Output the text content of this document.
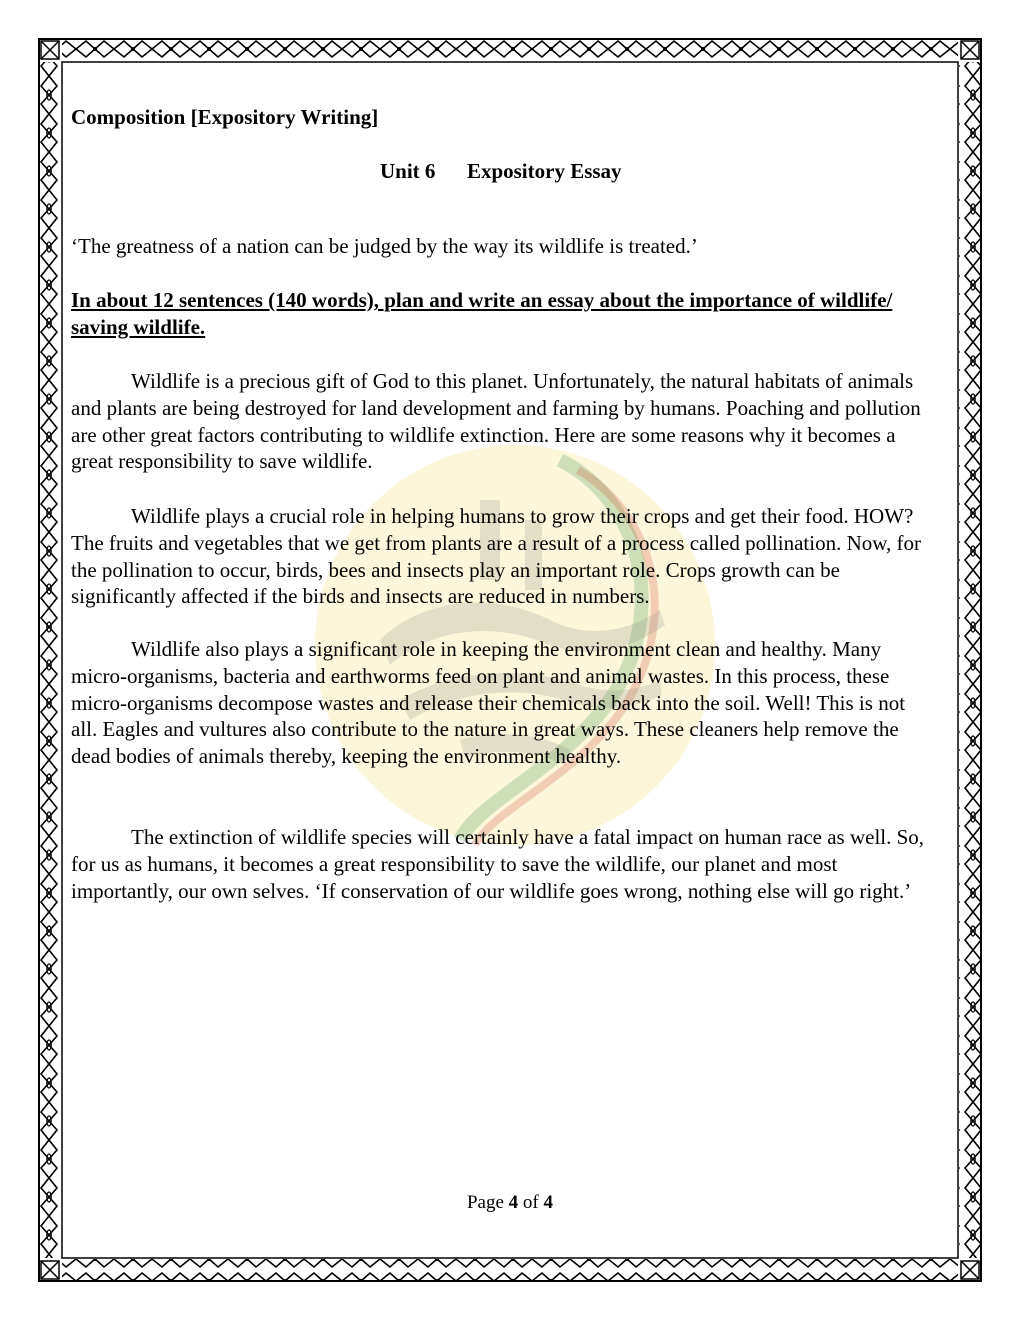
Composition [Expository Writing]
Unit 6 Expository Essay
‘The greatness of a nation can be judged by the way its wildlife is treated.’
In about 12 sentences (140 words), plan and write an essay about the importance of wildlife/ saving wildlife.
Wildlife is a precious gift of God to this planet. Unfortunately, the natural habitats of animals and plants are being destroyed for land development and farming by humans. Poaching and pollution are other great factors contributing to wildlife extinction. Here are some reasons why it becomes a great responsibility to save wildlife.
Wildlife plays a crucial role in helping humans to grow their crops and get their food. HOW? The fruits and vegetables that we get from plants are a result of a process called pollination. Now, for the pollination to occur, birds, bees and insects play an important role. Crops growth can be significantly affected if the birds and insects are reduced in numbers.
Wildlife also plays a significant role in keeping the environment clean and healthy. Many micro-organisms, bacteria and earthworms feed on plant and animal wastes. In this process, these micro-organisms decompose wastes and release their chemicals back into the soil. Well! This is not all. Eagles and vultures also contribute to the nature in great ways. These cleaners help remove the dead bodies of animals thereby, keeping the environment healthy.
The extinction of wildlife species will certainly have a fatal impact on human race as well. So, for us as humans, it becomes a great responsibility to save the wildlife, our planet and most importantly, our own selves. ‘If conservation of our wildlife goes wrong, nothing else will go right.’
Page 4 of 4
